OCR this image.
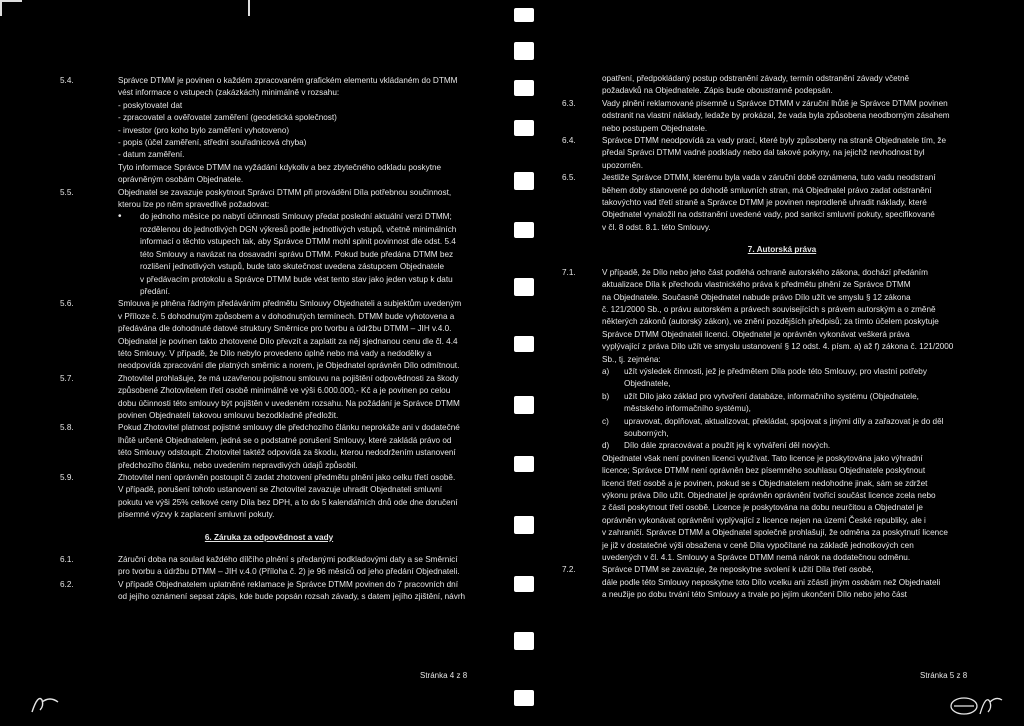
5.4.	Správce DTMM je povinen o každém zpracovaném grafickém elementu vkládaném do DTMM
vést informace o vstupech (zakázkách) minimálně v rozsahu:
- poskytovatel dat
- zpracovatel a ověřovatel zaměření (geodetická společnost)
- investor (pro koho bylo zaměření vyhotoveno)
- popis (účel zaměření, střední souřadnicová chyba)
- datum zaměření.
Tyto informace Správce DTMM na vyžádání kdykoliv a bez zbytečného odkladu poskytne
oprávněným osobám Objednatele.
5.5.	Objednatel se zavazuje poskytnout Správci DTMM při provádění Díla potřebnou součinnost,
kterou lze po něm spravedlivě požadovat:
•	do jednoho měsíce po nabytí účinnosti Smlouvy předat poslední aktuální verzi DTMM;
rozdělenou do jednotlivých DGN výkresů podle jednotlivých vstupů, včetně minimálních
informací o těchto vstupech tak, aby Správce DTMM mohl splnit povinnost dle odst. 5.4
této Smlouvy a navázat na dosavadní správu DTMM. Pokud bude předána DTMM bez
rozlišení jednotlivých vstupů, bude tato skutečnost uvedena zástupcem Objednatele
v předávacím protokolu a Správce DTMM bude vést tento stav jako jeden vstup k datu
předání.
5.6.	Smlouva je plněna řádným předáváním předmětu Smlouvy Objednateli a subjektům uvedeným
v Příloze č. 5 dohodnutým způsobem a v dohodnutých termínech. DTMM bude vyhotovena a
předávána dle dohodnuté datové struktury Směrnice pro tvorbu a údržbu DTMM – JIH v.4.0.
Objednatel je povinen takto zhotovené Dílo převzít a zaplatit za něj sjednanou cenu dle čl. 4.4
této Smlouvy. V případě, že Dílo nebylo provedeno úplně nebo má vady a nedodělky a
neodpovídá zpracování dle platných směrnic a norem, je Objednatel oprávněn Dílo odmítnout.
5.7.	Zhotovitel prohlašuje, že má uzavřenou pojistnou smlouvu na pojištění odpovědnosti za škody
způsobené Zhotovitelem třetí osobě minimálně ve výši 6.000.000,- Kč a je povinen po celou
dobu účinnosti této smlouvy být pojištěn v uvedeném rozsahu. Na požádání je Správce DTMM
povinen Objednateli takovou smlouvu bezodkladně předložit.
5.8.	Pokud Zhotovitel platnost pojistné smlouvy dle předchozího článku neprokáže ani v dodatečné
lhůtě určené Objednatelem, jedná se o podstatné porušení Smlouvy, které zakládá právo od
této Smlouvy odstoupit. Zhotovitel taktéž odpovídá za škodu, kterou nedodržením ustanovení
předchozího článku, nebo uvedením nepravdivých údajů způsobil.
5.9.	Zhotovitel není oprávněn postoupit či zadat zhotovení předmětu plnění jako celku třetí osobě.
V případě, porušení tohoto ustanovení se Zhotovitel zavazuje uhradit Objednateli smluvní
pokutu ve výši 25% celkové ceny Díla bez DPH, a to do 5 kalendářních dnů ode dne doručení
písemné výzvy k zaplacení smluvní pokuty.
6. Záruka za odpovědnost a vady
6.1.	Záruční doba na soulad každého dílčího plnění s předanými podkladovými daty a se Směrnicí
pro tvorbu a údržbu DTMM – JIH v.4.0 (Příloha č. 2) je 96 měsíců od jeho předání Objednateli.
6.2.	V případě Objednatelem uplatněné reklamace je Správce DTMM povinen do 7 pracovních dní
od jejího oznámení sepsat zápis, kde bude popsán rozsah závady, s datem jejího zjištění, návrh
Stránka 4 z 8
opatření, předpokládaný postup odstranění závady, termín odstranění závady včetně
požadavků na Objednatele. Zápis bude oboustranně podepsán.
6.3.	Vady plnění reklamované písemně u Správce DTMM v záruční lhůtě je Správce DTMM povinen
odstranit na vlastní náklady, ledaže by prokázal, že vada byla způsobena neodborným zásahem
nebo postupem Objednatele.
6.4.	Správce DTMM neodpovídá za vady prací, které byly způsobeny na straně Objednatele tím, že
předal Správci DTMM vadné podklady nebo dal takové pokyny, na jejichž nevhodnost byl
upozorněn.
6.5.	Jestliže Správce DTMM, kterému byla vada v záruční době oznámena, tuto vadu neodstraní
během doby stanovené po dohodě smluvních stran, má Objednatel právo zadat odstranění
takovýchto vad třetí straně a Správce DTMM je povinen neprodleně uhradit náklady, které
Objednatel vynaložil na odstranění uvedené vady, pod sankcí smluvní pokuty, specifikované
v čl. 8 odst. 8.1. této Smlouvy.
7. Autorská práva
7.1.	V případě, že Dílo nebo jeho část podléhá ochraně autorského zákona, dochází předáním
aktualizace Díla k přechodu vlastnického práva k předmětu plnění ze Správce DTMM
na Objednatele. Současně Objednatel nabude právo Dílo užít ve smyslu § 12 zákona
č. 121/2000 Sb., o právu autorském a právech souvisejících s právem autorským a o změně
některých zákonů (autorský zákon), ve znění pozdějších předpisů; za tímto účelem poskytuje
Správce DTMM Objednateli licenci. Objednatel je oprávněn vykonávat veškerá práva
vyplývající z práva Dílo užít ve smyslu ustanovení § 12 odst. 4. písm. a) až f) zákona č. 121/2000
Sb., tj. zejména:
a)	užít výsledek činnosti, jež je předmětem Díla pode této Smlouvy, pro vlastní potřeby
Objednatele,
b)	užít Dílo jako základ pro vytvoření databáze, informačního systému (Objednatele,
městského informačního systému),
c)	upravovat, doplňovat, aktualizovat, překládat, spojovat s jinými díly a zařazovat je do děl
souborných,
d)	Dílo dále zpracovávat a použít jej k vytváření děl nových.
Objednatel však není povinen licenci využívat. Tato licence je poskytována jako výhradní
licence; Správce DTMM není oprávněn bez písemného souhlasu Objednatele poskytnout
licenci třetí osobě a je povinen, pokud se s Objednatelem nedohodne jinak, sám se zdržet
výkonu práva Dílo užít. Objednatel je oprávněn oprávnění tvořící součást licence zcela nebo
z části poskytnout třetí osobě. Licence je poskytována na dobu neurčitou a Objednatel je
oprávněn vykonávat oprávnění vyplývající z licence nejen na území České republiky, ale i
v zahraničí. Správce DTMM a Objednatel společně prohlašují, že odměna za poskytnutí licence
je již v dostatečné výši obsažena v ceně Díla vypočítané na základě jednotkových cen
uvedených v čl. 4.1. Smlouvy a Správce DTMM nemá nárok na dodatečnou odměnu.
7.2.	Správce DTMM se zavazuje, že neposkytne svolení k užití Díla třetí osobě,
dále podle této Smlouvy neposkytne toto Dílo vcelku ani zčásti jiným osobám než Objednateli
a neužije po dobu trvání této Smlouvy a trvale po jejím ukončení Dílo nebo jeho část
Stránka 5 z 8
